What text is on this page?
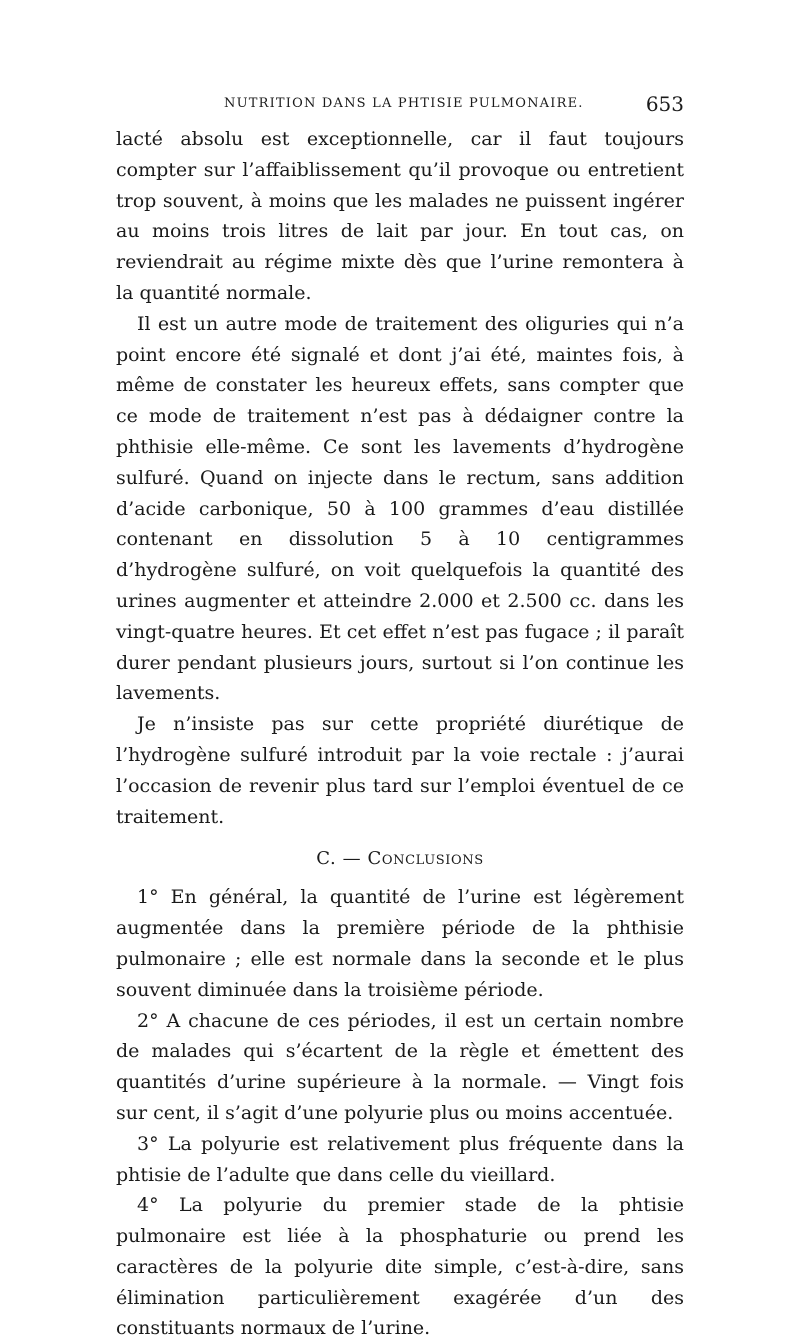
NUTRITION DANS LA PHTISIE PULMONAIRE.	653

lacté absolu est exceptionnelle, car il faut toujours compter sur l’affaiblissement qu’il provoque ou entretient trop souvent, à moins que les malades ne puissent ingérer au moins trois litres de lait par jour. En tout cas, on reviendrait au régime mixte dès que l’urine remontera à la quantité normale.

Il est un autre mode de traitement des oliguries qui n’a point encore été signalé et dont j’ai été, maintes fois, à même de constater les heureux effets, sans compter que ce mode de traitement n’est pas à dédaigner contre la phthisie elle-même. Ce sont les lavements d’hydrogène sulfuré. Quand on injecte dans le rectum, sans addition d’acide carbonique, 50 à 100 grammes d’eau distillée contenant en dissolution 5 à 10 centigrammes d’hydrogène sulfuré, on voit quelquefois la quantité des urines augmenter et atteindre 2.000 et 2.500 cc. dans les vingt-quatre heures. Et cet effet n’est pas fugace ; il paraît durer pendant plusieurs jours, surtout si l’on continue les lavements.

Je n’insiste pas sur cette propriété diurétique de l’hydrogène sulfuré introduit par la voie rectale : j’aurai l’occasion de revenir plus tard sur l’emploi éventuel de ce traitement.

C. — Conclusions

1° En général, la quantité de l’urine est légèrement augmentée dans la première période de la phthisie pulmonaire ; elle est normale dans la seconde et le plus souvent diminuée dans la troisième période.

2° A chacune de ces périodes, il est un certain nombre de malades qui s’écartent de la règle et émettent des quantités d’urine supérieure à la normale. — Vingt fois sur cent, il s’agit d’une polyurie plus ou moins accentuée.

3° La polyurie est relativement plus fréquente dans la phtisie de l’adulte que dans celle du vieillard.

4° La polyurie du premier stade de la phtisie pulmonaire est liée à la phosphaturie ou prend les caractères de la polyurie dite simple, c’est-à-dire, sans élimination particulièrement exagérée d’un des constituants normaux de l’urine.
